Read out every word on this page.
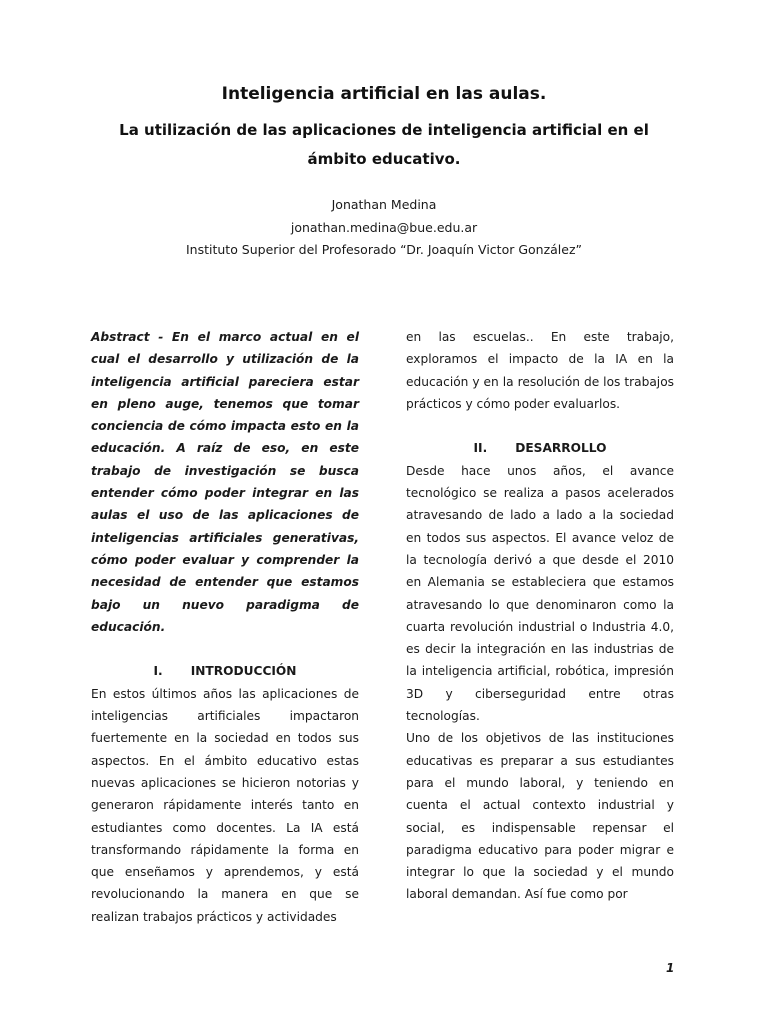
Inteligencia artificial en las aulas.
La utilización de las aplicaciones de inteligencia artificial en el ámbito educativo.
Jonathan Medina
jonathan.medina@bue.edu.ar
Instituto Superior del Profesorado “Dr. Joaquín Victor González”

Abstract - En el marco actual en el cual el desarrollo y utilización de la inteligencia artificial pareciera estar en pleno auge, tenemos que tomar conciencia de cómo impacta esto en la educación. A raíz de eso, en este trabajo de investigación se busca entender cómo poder integrar en las aulas el uso de las aplicaciones de inteligencias artificiales generativas, cómo poder evaluar y comprender la necesidad de entender que estamos bajo un nuevo paradigma de educación.

I. INTRODUCCIÓN

En estos últimos años las aplicaciones de inteligencias artificiales impactaron fuertemente en la sociedad en todos sus aspectos. En el ámbito educativo estas nuevas aplicaciones se hicieron notorias y generaron rápidamente interés tanto en estudiantes como docentes. La IA está transformando rápidamente la forma en que enseñamos y aprendemos, y está revolucionando la manera en que se realizan trabajos prácticos y actividades

en las escuelas.. En este trabajo, exploramos el impacto de la IA en la educación y en la resolución de los trabajos prácticos y cómo poder evaluarlos.

II. DESARROLLO

Desde hace unos años, el avance tecnológico se realiza a pasos acelerados atravesando de lado a lado a la sociedad en todos sus aspectos. El avance veloz de la tecnología derivó a que desde el 2010 en Alemania se estableciera que estamos atravesando lo que denominaron como la cuarta revolución industrial o Industria 4.0, es decir la integración en las industrias de la inteligencia artificial, robótica, impresión 3D y ciberseguridad entre otras tecnologías.

Uno de los objetivos de las instituciones educativas es preparar a sus estudiantes para el mundo laboral, y teniendo en cuenta el actual contexto industrial y social, es indispensable repensar el paradigma educativo para poder migrar e integrar lo que la sociedad y el mundo laboral demandan. Así fue como por

1
